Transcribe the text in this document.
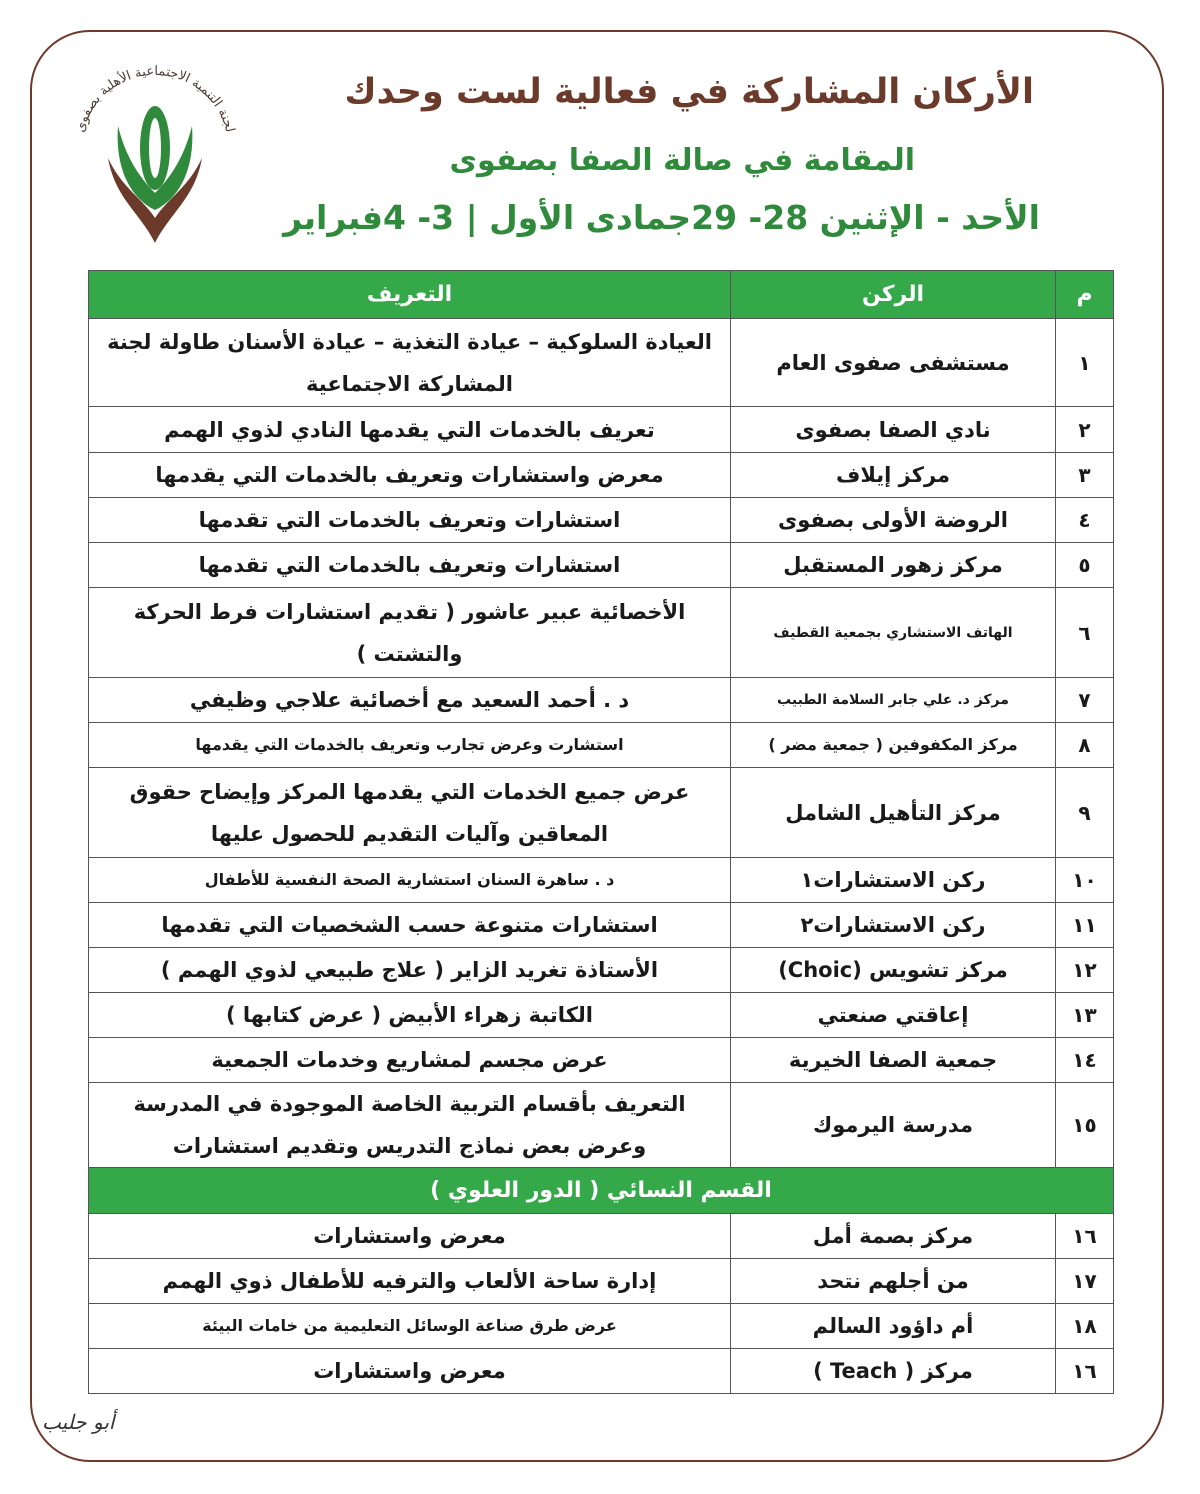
لجنة التنمية الاجتماعية الأهلية بصفوى
الأركان المشاركة في فعالية لست وحدك
المقامة في صالة الصفا بصفوى
الأحد - الإثنين 28- 29جمادى الأول | 3- 4فبراير
م	الركن	التعريف
١	مستشفى صفوى العام	العيادة السلوكية – عيادة التغذية – عيادة الأسنان طاولة لجنة المشاركة الاجتماعية
٢	نادي الصفا بصفوى	تعريف بالخدمات التي يقدمها النادي لذوي الهمم
٣	مركز إيلاف	معرض واستشارات وتعريف بالخدمات التي يقدمها
٤	الروضة الأولى بصفوى	استشارات وتعريف بالخدمات التي تقدمها
٥	مركز زهور المستقبل	استشارات وتعريف بالخدمات التي تقدمها
٦	الهاتف الاستشاري بجمعية القطيف	الأخصائية عبير عاشور ( تقديم استشارات فرط الحركة والتشتت )
٧	مركز د. علي جابر السلامة الطبيب	د . أحمد السعيد مع أخصائية علاجي وظيفي
٨	مركز المكفوفين ( جمعية مضر )	استشارت وعرض تجارب وتعريف بالخدمات التي يقدمها
٩	مركز التأهيل الشامل	عرض جميع الخدمات التي يقدمها المركز وإيضاح حقوق المعاقين وآليات التقديم للحصول عليها
١٠	ركن الاستشارات١	د . ساهرة السنان استشارية الصحة النفسية للأطفال
١١	ركن الاستشارات٢	استشارات متنوعة حسب الشخصيات التي تقدمها
١٢	مركز تشويس (Choic)	الأستاذة تغريد الزاير ( علاج طبيعي لذوي الهمم )
١٣	إعاقتي صنعتي	الكاتبة زهراء الأبيض ( عرض كتابها )
١٤	جمعية الصفا الخيرية	عرض مجسم لمشاريع وخدمات الجمعية
١٥	مدرسة اليرموك	التعريف بأقسام التربية الخاصة الموجودة في المدرسة وعرض بعض نماذج التدريس وتقديم استشارات
القسم النسائي ( الدور العلوي )		
١٦	مركز بصمة أمل	معرض واستشارات
١٧	من أجلهم نتحد	إدارة ساحة الألعاب والترفيه للأطفال ذوي الهمم
١٨	أم داؤود السالم	عرض طرق صناعة الوسائل التعليمية من خامات البيئة
١٦	مركز ( Teach )	معرض واستشارات
أبو جليب
